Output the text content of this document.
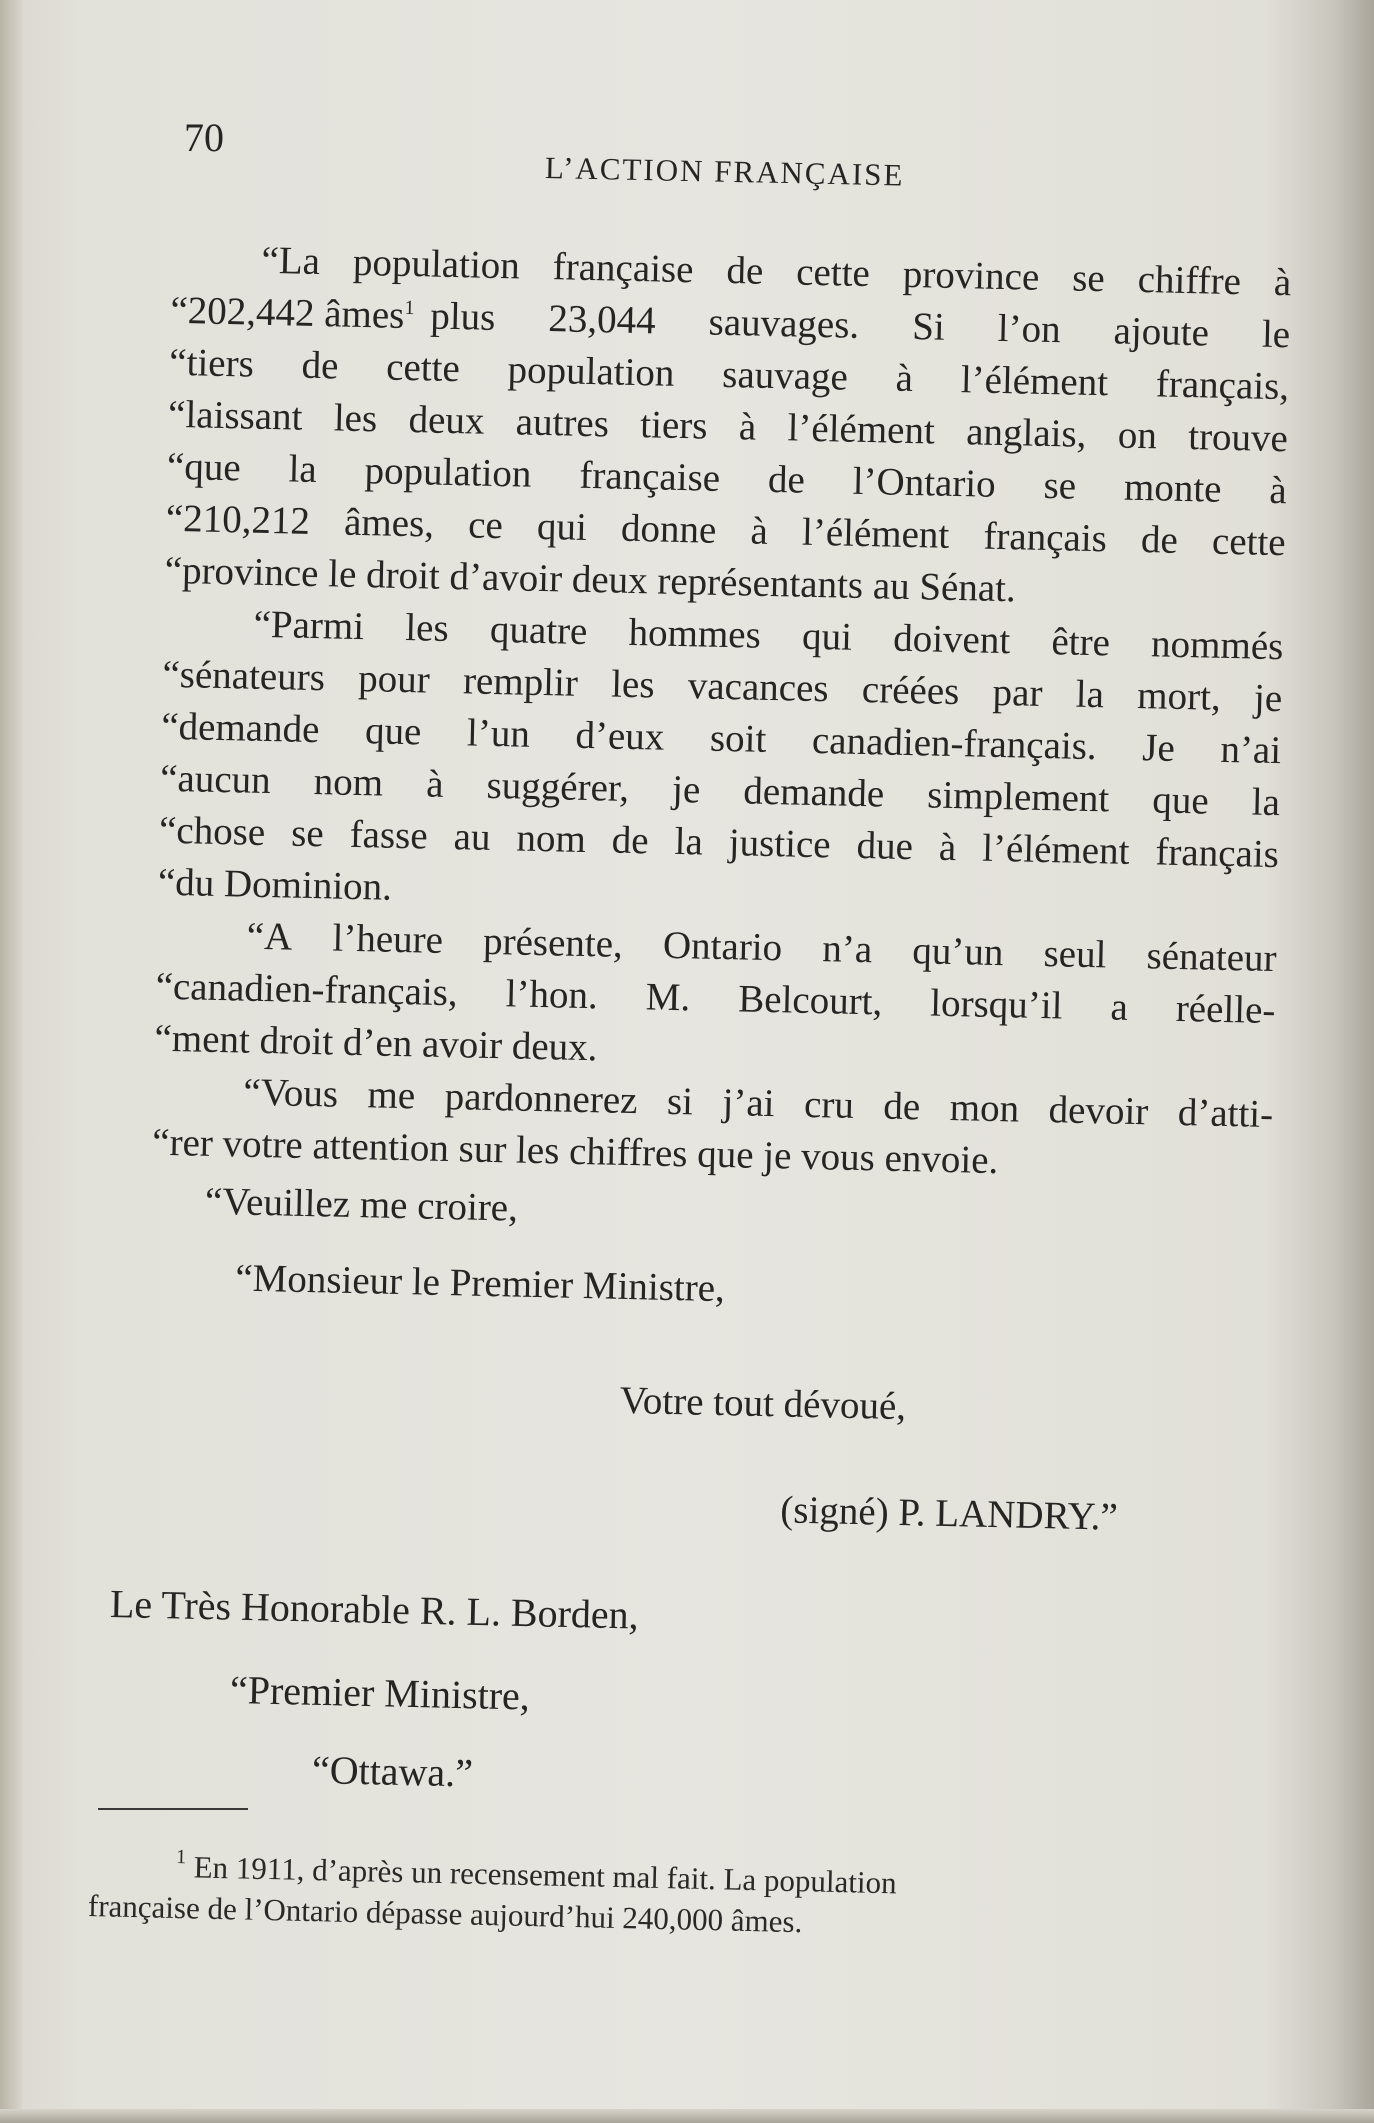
70
L’ACTION FRANÇAISE
“La population française de cette province se chiffre à
“202,442 âmes$^1$ plus 23,044 sauvages. Si l’on ajoute le
“tiers de cette population sauvage à l’élément français,
“laissant les deux autres tiers à l’élément anglais, on trouve
“que la population française de l’Ontario se monte à
“210,212 âmes, ce qui donne à l’élément français de cette
“province le droit d’avoir deux représentants au Sénat.
“Parmi les quatre hommes qui doivent être nommés
“sénateurs pour remplir les vacances créées par la mort, je
“demande que l’un d’eux soit canadien-français. Je n’ai
“aucun nom à suggérer, je demande simplement que la
“chose se fasse au nom de la justice due à l’élément français
“du Dominion.
“A l’heure présente, Ontario n’a qu’un seul sénateur
“canadien-français, l’hon. M. Belcourt, lorsqu’il a réelle-
“ment droit d’en avoir deux.
“Vous me pardonnerez si j’ai cru de mon devoir d’atti-
“rer votre attention sur les chiffres que je vous envoie.
“Veuillez me croire,
“Monsieur le Premier Ministre,
Votre tout dévoué,
(signé) P. LANDRY.”
Le Très Honorable R. L. Borden,
“Premier Ministre,
“Ottawa.”
$^1$ En 1911, d’après un recensement mal fait. La population
française de l’Ontario dépasse aujourd’hui 240,000 âmes.
